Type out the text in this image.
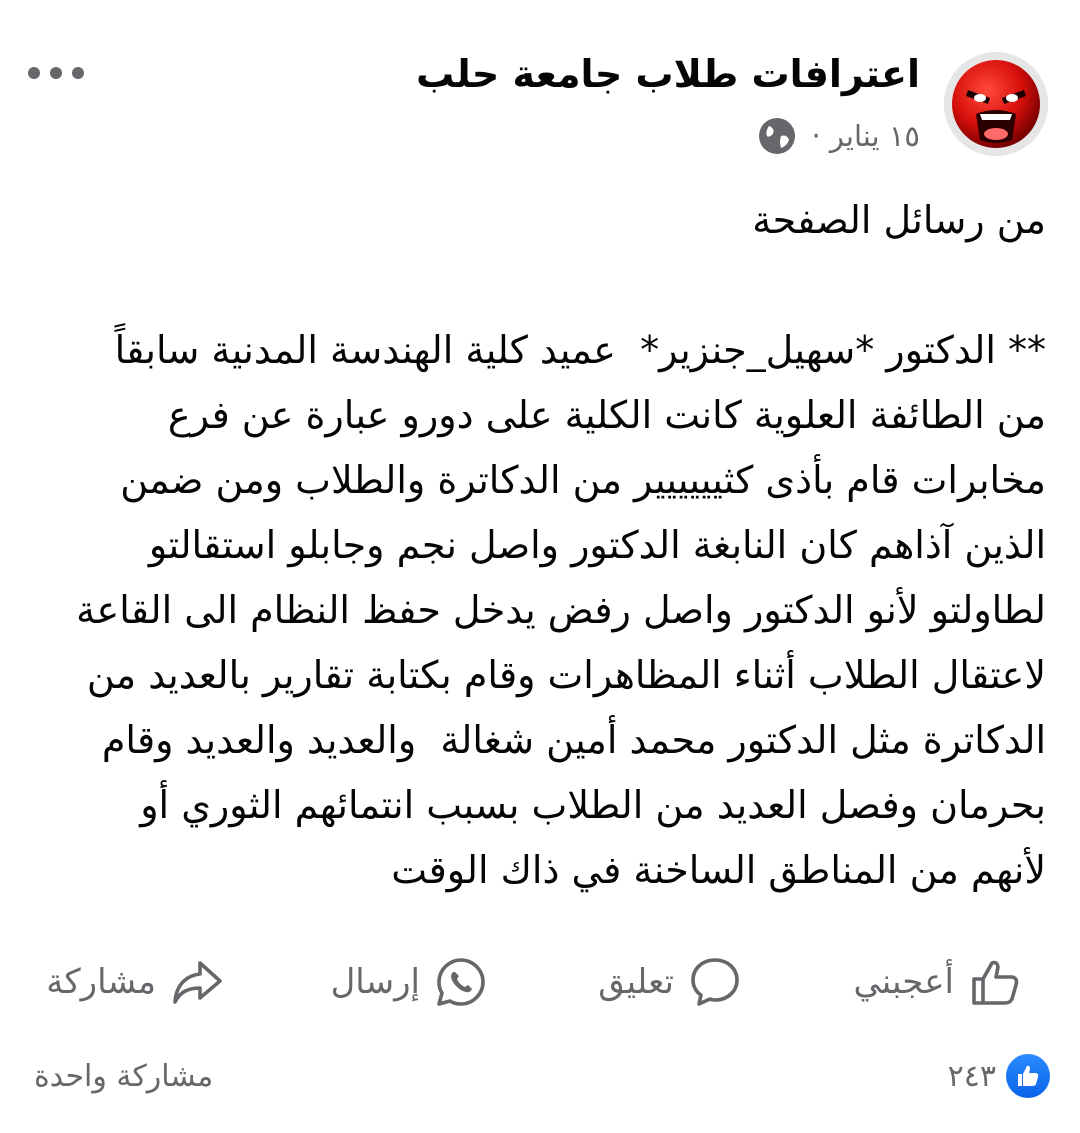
اعترافات طلاب جامعة حلب
١٥ يناير ·
من رسائل الصفحة

** الدكتور *سهيل_جنزير*  عميد كلية الهندسة المدنية سابقاً
من الطائفة العلوية كانت الكلية على دورو عبارة عن فرع
مخابرات قام بأذى كثيييييير من الدكاترة والطلاب ومن ضمن
الذين آذاهم كان النابغة الدكتور واصل نجم وجابلو استقالتو
لطاولتو لأنو الدكتور واصل رفض يدخل حفظ النظام الى القاعة
لاعتقال الطلاب أثناء المظاهرات وقام بكتابة تقارير بالعديد من
الدكاترة مثل الدكتور محمد أمين شغالة  والعديد والعديد وقام
بحرمان وفصل العديد من الطلاب بسبب انتمائهم الثوري أو
لأنهم من المناطق الساخنة في ذاك الوقت
أعجبني
تعليق
إرسال
مشاركة
٢٤٣
مشاركة واحدة
